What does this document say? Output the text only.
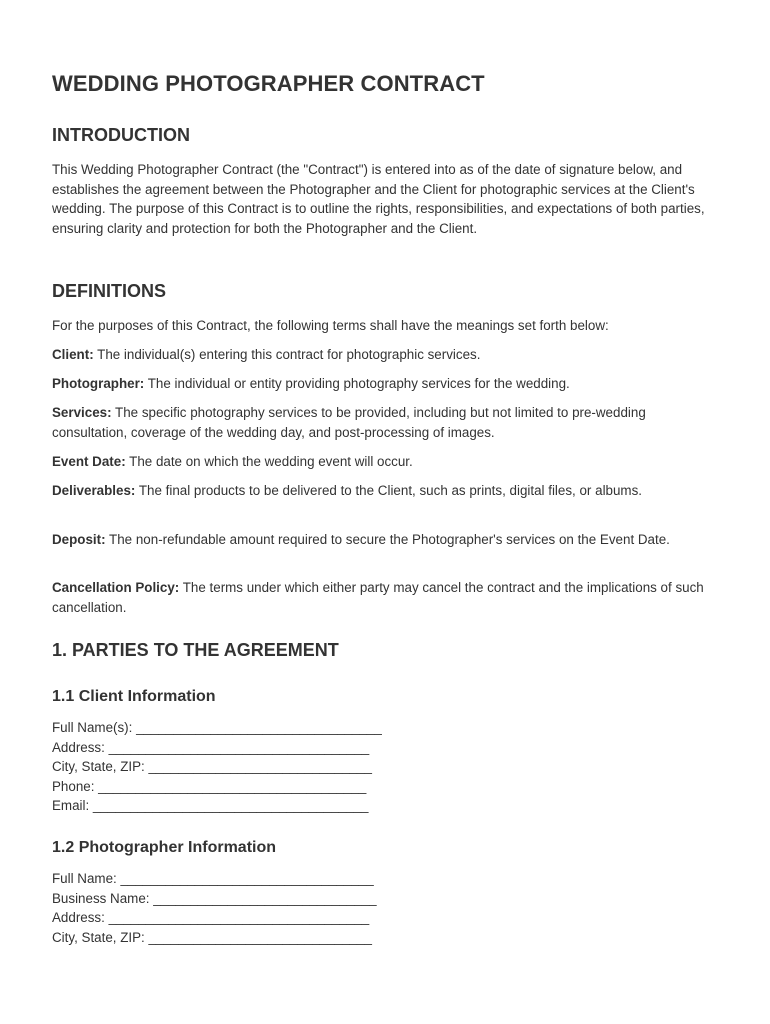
WEDDING PHOTOGRAPHER CONTRACT
INTRODUCTION

This Wedding Photographer Contract (the "Contract") is entered into as of the date of signature below, and establishes the agreement between the Photographer and the Client for photographic services at the Client's wedding. The purpose of this Contract is to outline the rights, responsibilities, and expectations of both parties, ensuring clarity and protection for both the Photographer and the Client.

DEFINITIONS

For the purposes of this Contract, the following terms shall have the meanings set forth below:

Client: The individual(s) entering this contract for photographic services.

Photographer: The individual or entity providing photography services for the wedding.

Services: The specific photography services to be provided, including but not limited to pre-wedding consultation, coverage of the wedding day, and post-processing of images.

Event Date: The date on which the wedding event will occur.

Deliverables: The final products to be delivered to the Client, such as prints, digital files, or albums.

Deposit: The non-refundable amount required to secure the Photographer's services on the Event Date.

Cancellation Policy: The terms under which either party may cancel the contract and the implications of such cancellation.

1. PARTIES TO THE AGREEMENT
1.1 Client Information

Full Name(s): _________________________________

Address: ___________________________________

City, State, ZIP: ______________________________

Phone: ____________________________________

Email: _____________________________________

1.2 Photographer Information

Full Name: __________________________________

Business Name: ______________________________

Address: ___________________________________

City, State, ZIP: ______________________________
